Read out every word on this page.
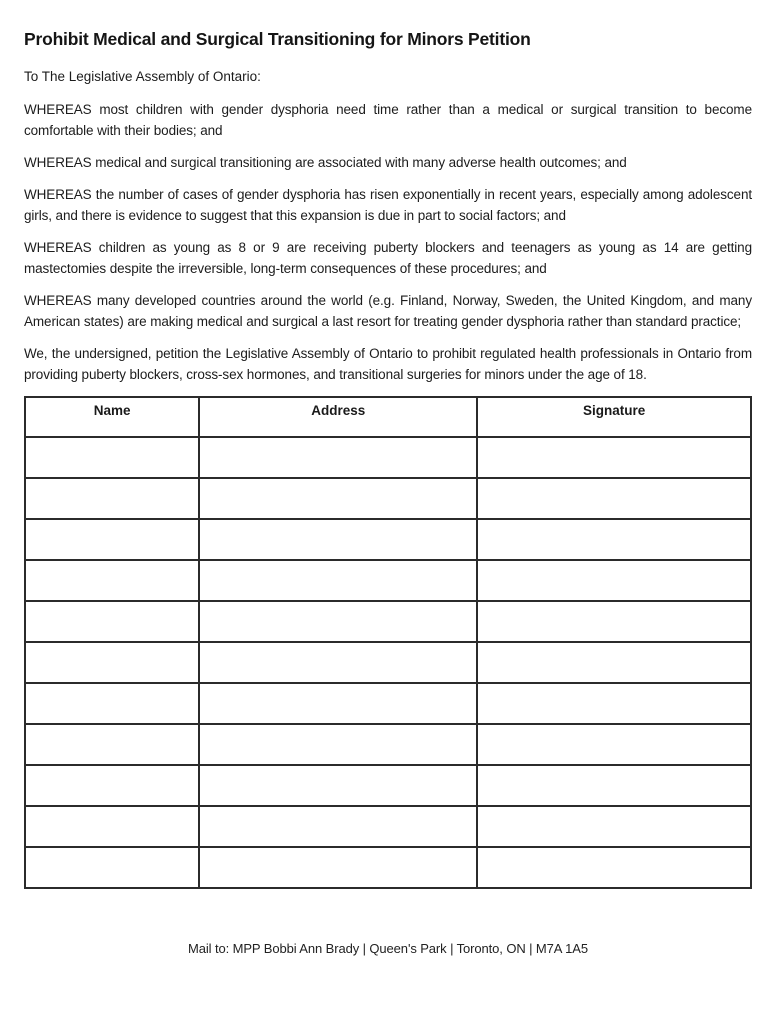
Prohibit Medical and Surgical Transitioning for Minors Petition

To The Legislative Assembly of Ontario:

WHEREAS most children with gender dysphoria need time rather than a medical or surgical transition to become comfortable with their bodies; and

WHEREAS medical and surgical transitioning are associated with many adverse health outcomes; and

WHEREAS the number of cases of gender dysphoria has risen exponentially in recent years, especially among adolescent girls, and there is evidence to suggest that this expansion is due in part to social factors; and

WHEREAS children as young as 8 or 9 are receiving puberty blockers and teenagers as young as 14 are getting mastectomies despite the irreversible, long-term consequences of these procedures; and

WHEREAS many developed countries around the world (e.g. Finland, Norway, Sweden, the United Kingdom, and many American states) are making medical and surgical a last resort for treating gender dysphoria rather than standard practice;

We, the undersigned, petition the Legislative Assembly of Ontario to prohibit regulated health professionals in Ontario from providing puberty blockers, cross-sex hormones, and transitional surgeries for minors under the age of 18.

Name	Address	Signature

Mail to: MPP Bobbi Ann Brady | Queen's Park | Toronto, ON | M7A 1A5
